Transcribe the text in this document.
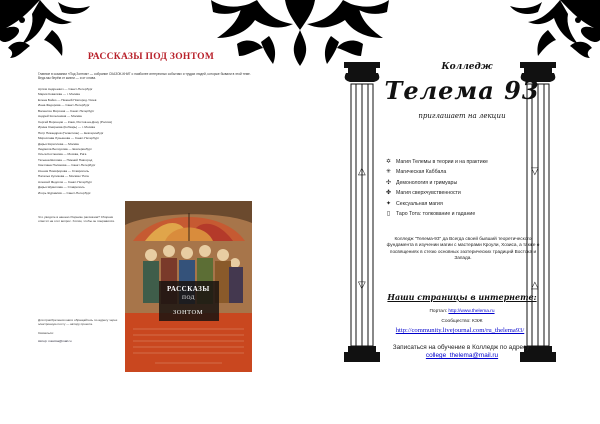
РАССКАЗЫ ПОД ЗОНТОМ
Главное в сказании «Под Зонтом» — собрание СКАЗОК-КНИГ о наиболее интересных событиях и трудах людей, которые бывали в этой теме. Ведь мы берём от жизни — и от слова.
Артём Андреевич — Санкт-Петербург
Мария Ковалёва — г. Москва
Елена Бойко — Нижний Новгород / Киев
Инна Федорова — Санкт-Петербург
Валентин Морозов — Санкт-Петербург
Андрей Колесников — Москва
Сергей Воронцов — Киев, Ростов-на-Дону (Россия)
Ирина Смирнова (Кобзарь) — г. Москва
Пётр Никандров (Галактион) — Екатеринбург
Мирослава Лукьянова — Санкт-Петербург
Дарья Кириллова — Москва
Людмила Белоусова — Екатеринбург
Ольга Костюкова — Москва, Рига
Татьяна Шилова — Нижний Новгород
Светлана Полякова — Санкт-Петербург
Ксения Никифорова — Ставрополь
Наталья Куликова — Москва / Рига
Алексей Федотов — Санкт-Петербург
Дарья Шумилова — Ставрополь
Игорь Журавлёв — Санкт-Петербург
Что увидите в нашем сборнике рассказов? Сборник ответит на этот вопрос. Хотим, чтобы он понравился.
Для приобретения книги обращайтесь по адресу через электронную почту — автору проекта.
Связаться:
Автор: maxima@mail.ru
РАССКАЗЫ
ПОД
ЗОНТОМ
△	▽
▽	△
Колледж
Телема 93
приглашает на лекции
✡ Магия Телемы в теории и на практике
✳ Магическая Каббала
✣ Демонология и гримуары
✤ Магия сверхчувственности
✦ Сексуальная магия
▯ Таро Тота: толкование и гадание
Колледж "Телема-93" да Всегда своей бывший теоретического фундамента в изучении магии с мастерами Кроули, Хозиса, а также о посвящениях в стезю основных эзотерических традиций Востока и Запада.
Наши страницы в интернете:
Портал: http://www.thelema.ru
Сообщество: КЭЖ
http://community.livejournal.com/ru_thelema93/
Записаться на обучение в Колледж по адресу: college_thelema@mail.ru
